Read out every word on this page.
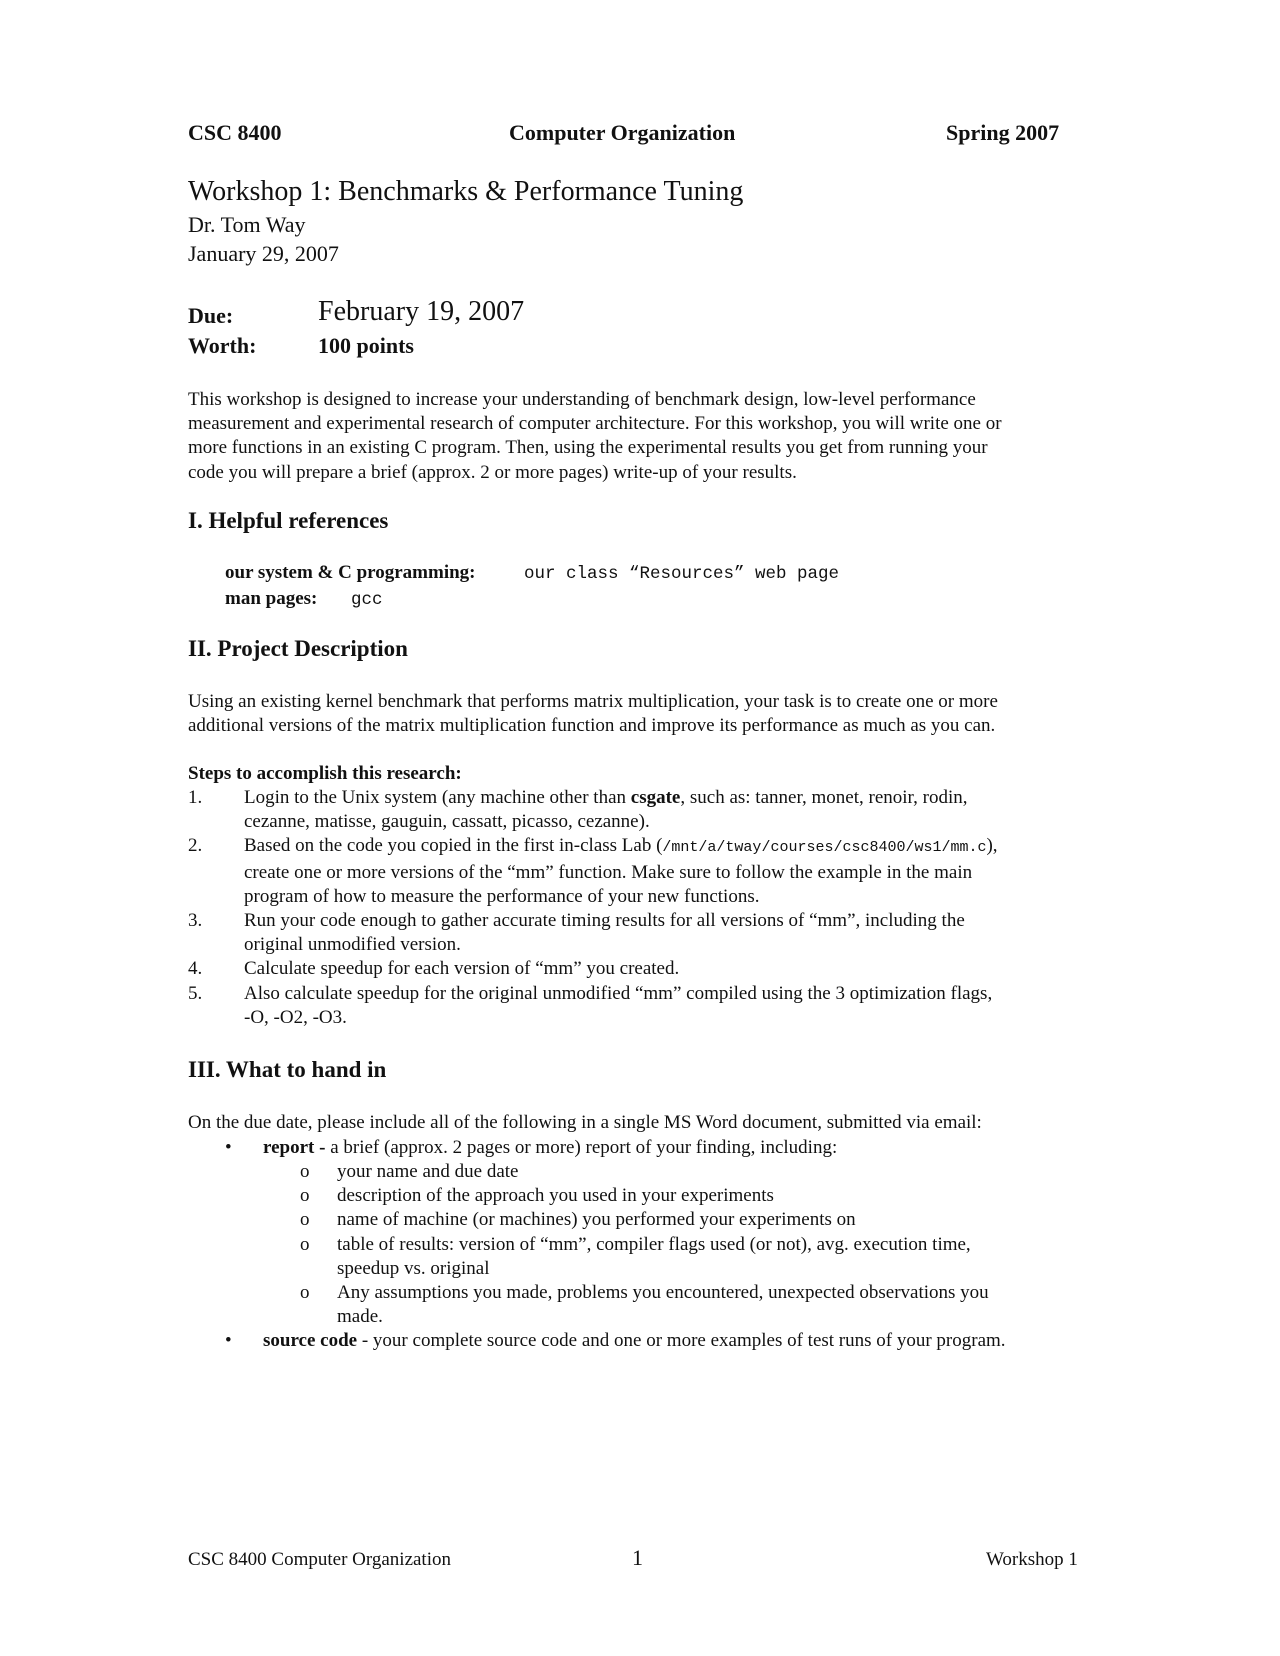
CSC 8400	Computer Organization	Spring 2007
Workshop 1: Benchmarks & Performance Tuning
Dr. Tom Way
January 29, 2007
Due:	February 19, 2007
Worth:	100 points
This workshop is designed to increase your understanding of benchmark design, low-level performance
measurement and experimental research of computer architecture. For this workshop, you will write one or
more functions in an existing C program. Then, using the experimental results you get from running your
code you will prepare a brief (approx. 2 or more pages) write-up of your results.
I. Helpful references
our system & C programming:	our class “Resources” web page
man pages: gcc
II. Project Description
Using an existing kernel benchmark that performs matrix multiplication, your task is to create one or more
additional versions of the matrix multiplication function and improve its performance as much as you can.
Steps to accomplish this research:
1. Login to the Unix system (any machine other than csgate, such as: tanner, monet, renoir, rodin,
cezanne, matisse, gauguin, cassatt, picasso, cezanne).
2. Based on the code you copied in the first in-class Lab (/mnt/a/tway/courses/csc8400/ws1/mm.c),
create one or more versions of the “mm” function. Make sure to follow the example in the main
program of how to measure the performance of your new functions.
3. Run your code enough to gather accurate timing results for all versions of “mm”, including the
original unmodified version.
4. Calculate speedup for each version of “mm” you created.
5. Also calculate speedup for the original unmodified “mm” compiled using the 3 optimization flags,
-O, -O2, -O3.
III. What to hand in
On the due date, please include all of the following in a single MS Word document, submitted via email:
• report - a brief (approx. 2 pages or more) report of your finding, including:
o your name and due date
o description of the approach you used in your experiments
o name of machine (or machines) you performed your experiments on
o table of results: version of “mm”, compiler flags used (or not), avg. execution time,
speedup vs. original
o Any assumptions you made, problems you encountered, unexpected observations you
made.
• source code - your complete source code and one or more examples of test runs of your program.
CSC 8400 Computer Organization	1	Workshop 1
